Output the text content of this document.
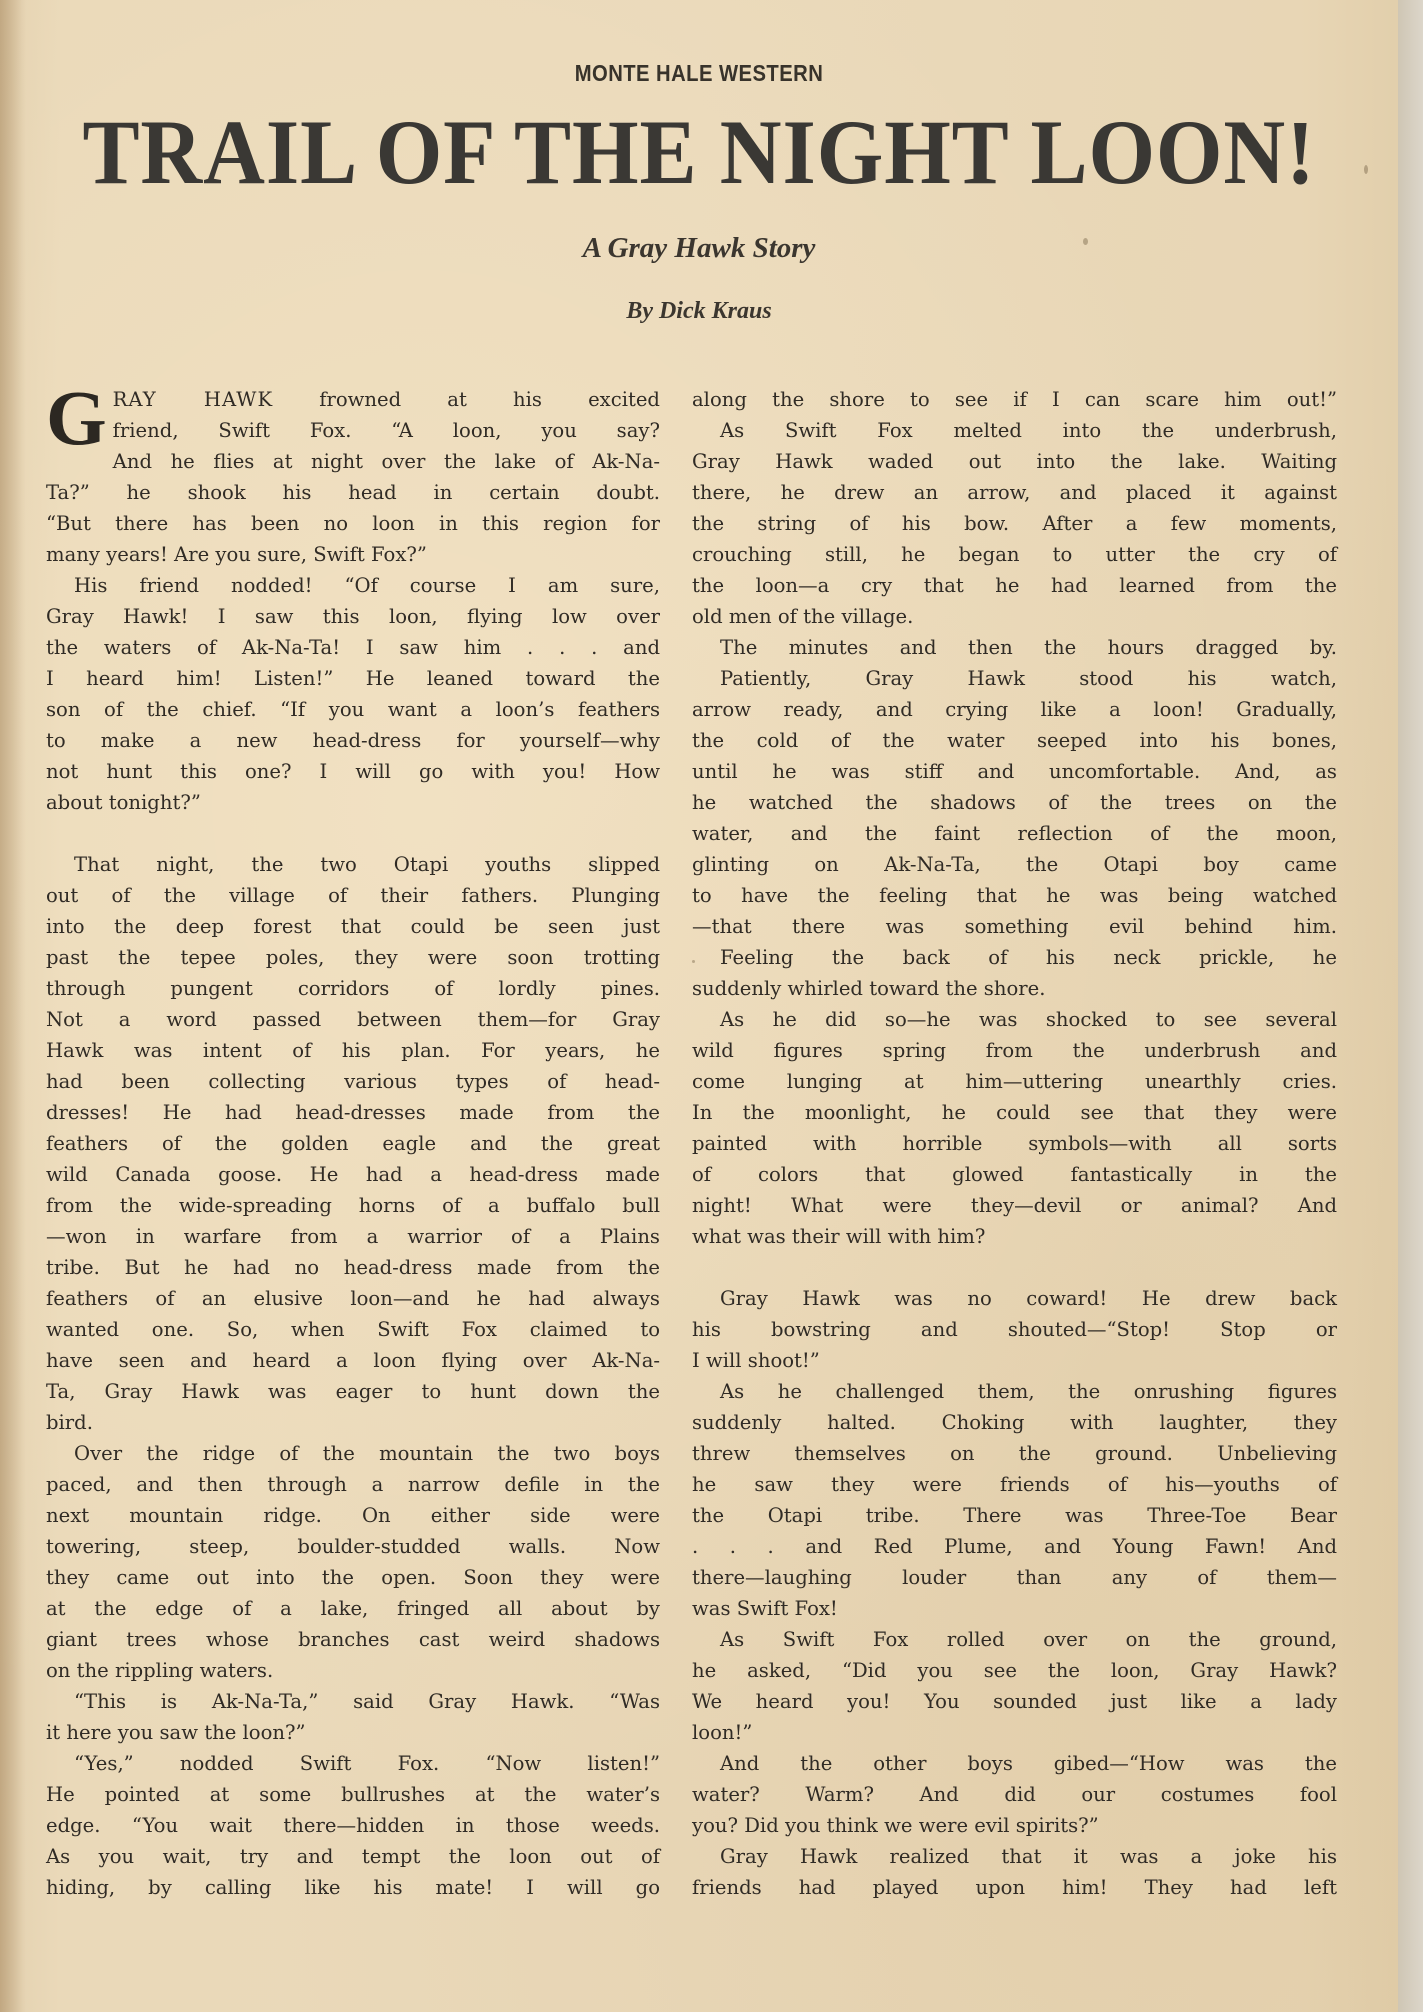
MONTE HALE WESTERN
TRAIL OF THE NIGHT LOON!
A Gray Hawk Story
By Dick Kraus
G RAY HAWK frowned at his excited
friend, Swift Fox. “A loon, you say?
And he flies at night over the lake of Ak-Na-
Ta?” he shook his head in certain doubt.
“But there has been no loon in this region for
many years! Are you sure, Swift Fox?”
His friend nodded! “Of course I am sure,
Gray Hawk! I saw this loon, flying low over
the waters of Ak-Na-Ta! I saw him . . . and
I heard him! Listen!” He leaned toward the
son of the chief. “If you want a loon’s feathers
to make a new head-dress for yourself—why
not hunt this one? I will go with you! How
about tonight?”

That night, the two Otapi youths slipped
out of the village of their fathers. Plunging
into the deep forest that could be seen just
past the tepee poles, they were soon trotting
through pungent corridors of lordly pines.
Not a word passed between them—for Gray
Hawk was intent of his plan. For years, he
had been collecting various types of head-
dresses! He had head-dresses made from the
feathers of the golden eagle and the great
wild Canada goose. He had a head-dress made
from the wide-spreading horns of a buffalo bull
—won in warfare from a warrior of a Plains
tribe. But he had no head-dress made from the
feathers of an elusive loon—and he had always
wanted one. So, when Swift Fox claimed to
have seen and heard a loon flying over Ak-Na-
Ta, Gray Hawk was eager to hunt down the
bird.
Over the ridge of the mountain the two boys
paced, and then through a narrow defile in the
next mountain ridge. On either side were
towering, steep, boulder-studded walls. Now
they came out into the open. Soon they were
at the edge of a lake, fringed all about by
giant trees whose branches cast weird shadows
on the rippling waters.
“This is Ak-Na-Ta,” said Gray Hawk. “Was
it here you saw the loon?”
“Yes,” nodded Swift Fox. “Now listen!”
He pointed at some bullrushes at the water’s
edge. “You wait there—hidden in those weeds.
As you wait, try and tempt the loon out of
hiding, by calling like his mate! I will go
along the shore to see if I can scare him out!”
As Swift Fox melted into the underbrush,
Gray Hawk waded out into the lake. Waiting
there, he drew an arrow, and placed it against
the string of his bow. After a few moments,
crouching still, he began to utter the cry of
the loon—a cry that he had learned from the
old men of the village.
The minutes and then the hours dragged by.
Patiently, Gray Hawk stood his watch,
arrow ready, and crying like a loon! Gradually,
the cold of the water seeped into his bones,
until he was stiff and uncomfortable. And, as
he watched the shadows of the trees on the
water, and the faint reflection of the moon,
glinting on Ak-Na-Ta, the Otapi boy came
to have the feeling that he was being watched
—that there was something evil behind him.
Feeling the back of his neck prickle, he
suddenly whirled toward the shore.
As he did so—he was shocked to see several
wild figures spring from the underbrush and
come lunging at him—uttering unearthly cries.
In the moonlight, he could see that they were
painted with horrible symbols—with all sorts
of colors that glowed fantastically in the
night! What were they—devil or animal? And
what was their will with him?

Gray Hawk was no coward! He drew back
his bowstring and shouted—“Stop! Stop or
I will shoot!”
As he challenged them, the onrushing figures
suddenly halted. Choking with laughter, they
threw themselves on the ground. Unbelieving
he saw they were friends of his—youths of
the Otapi tribe. There was Three-Toe Bear
. . . and Red Plume, and Young Fawn! And
there—laughing louder than any of them—
was Swift Fox!
As Swift Fox rolled over on the ground,
he asked, “Did you see the loon, Gray Hawk?
We heard you! You sounded just like a lady
loon!”
And the other boys gibed—“How was the
water? Warm? And did our costumes fool
you? Did you think we were evil spirits?”
Gray Hawk realized that it was a joke his
friends had played upon him! They had left
